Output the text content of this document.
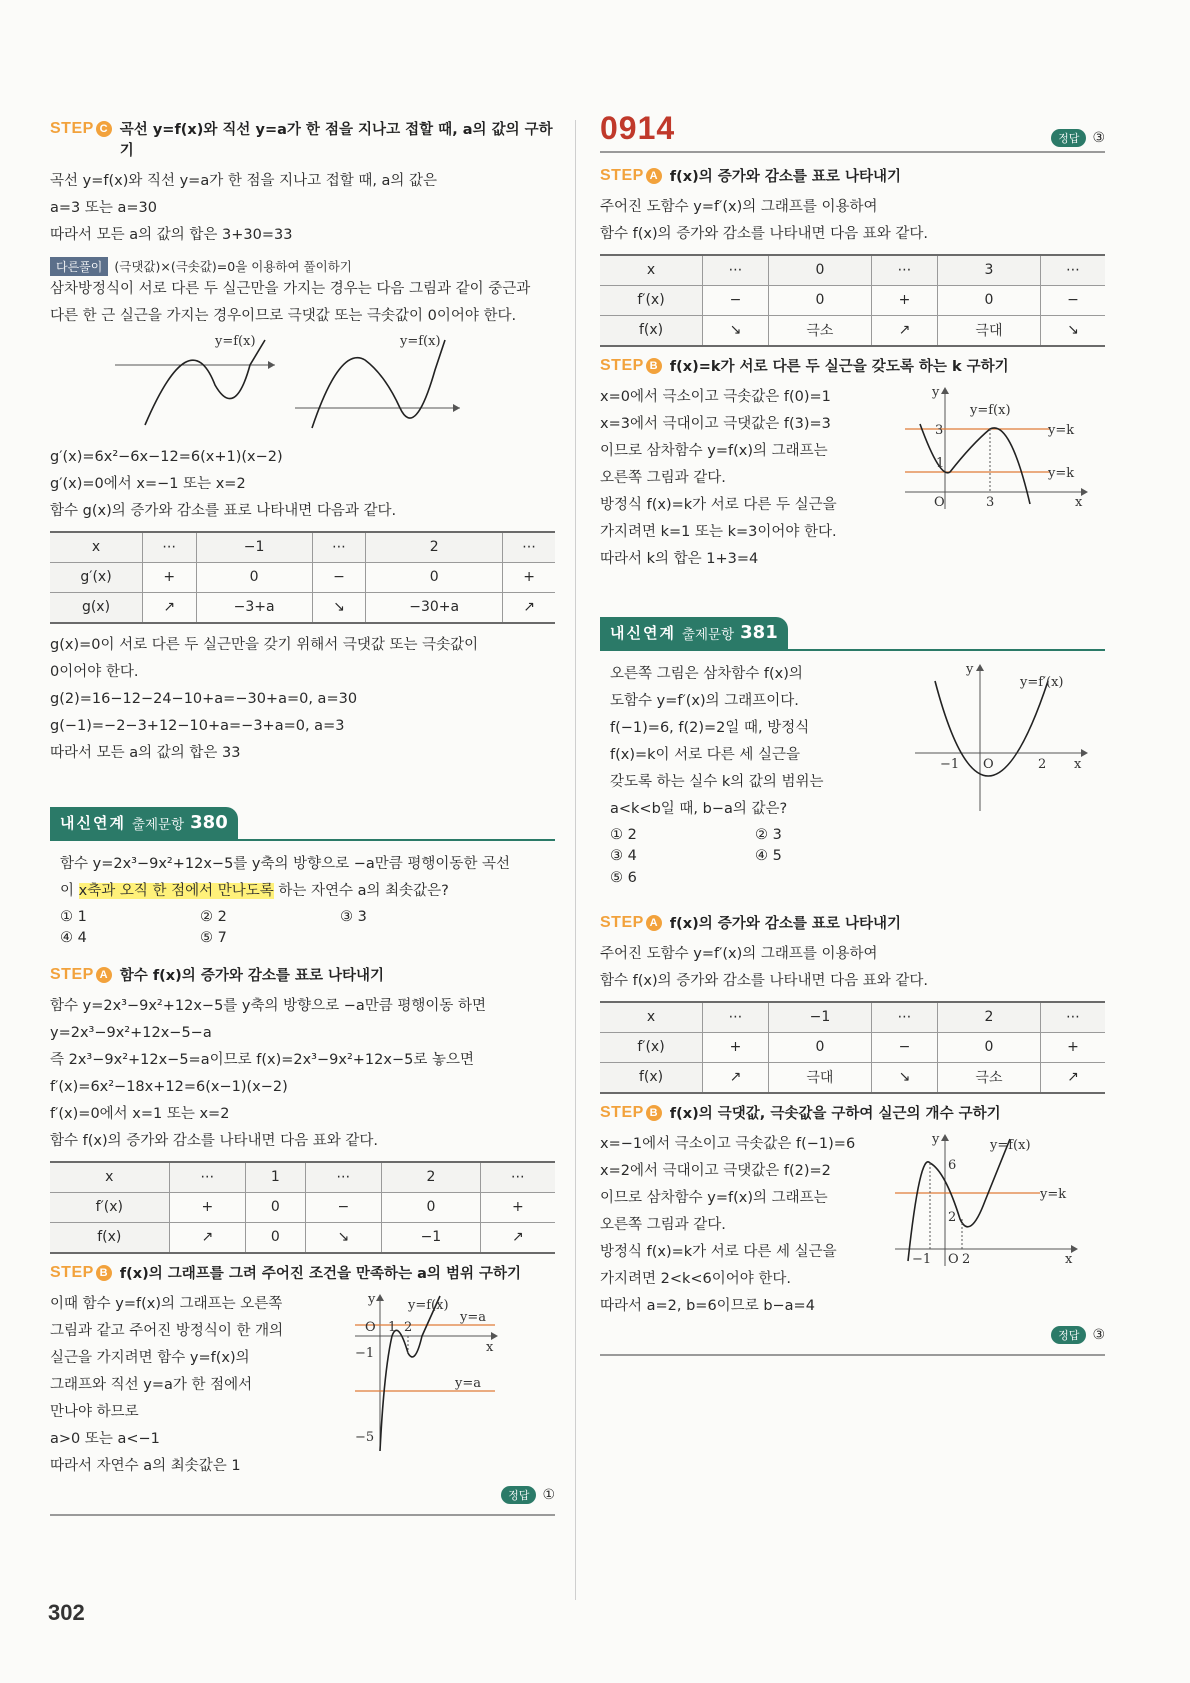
STEP C 곡선 y=f(x)와 직선 y=a가 한 점을 지나고 접할 때, a의 값의 구하기
곡선 y=f(x)와 직선 y=a가 한 점을 지나고 접할 때, a의 값은
a=3 또는 a=30
따라서 모든 a의 값의 합은 3+30=33
다른풀이 (극댓값)×(극솟값)=0을 이용하여 풀이하기
삼차방정식이 서로 다른 두 실근만을 가지는 경우는 다음 그림과 같이 중근과
다른 한 근 실근을 가지는 경우이므로 극댓값 또는 극솟값이 0이어야 한다.
y=f(x)	y=f(x)
g′(x)=6x²−6x−12=6(x+1)(x−2)
g′(x)=0에서 x=−1 또는 x=2
함수 g(x)의 증가와 감소를 표로 나타내면 다음과 같다.
x	⋯	−1	⋯	2	⋯
g′(x)	+	0	−	0	+
g(x)	↗	−3+a	↘	−30+a	↗
g(x)=0이 서로 다른 두 실근만을 갖기 위해서 극댓값 또는 극솟값이
0이어야 한다.
g(2)=16−12−24−10+a=−30+a=0, a=30
g(−1)=−2−3+12−10+a=−3+a=0, a=3
따라서 모든 a의 값의 합은 33
내신연계 출제문항 380
함수 y=2x³−9x²+12x−5를 y축의 방향으로 −a만큼 평행이동한 곡선
이 x축과 오직 한 점에서 만나도록 하는 자연수 a의 최솟값은?
① 1	② 2	③ 3
④ 4	⑤ 7
STEP A 함수 f(x)의 증가와 감소를 표로 나타내기
함수 y=2x³−9x²+12x−5를 y축의 방향으로 −a만큼 평행이동 하면
y=2x³−9x²+12x−5−a
즉 2x³−9x²+12x−5=a이므로 f(x)=2x³−9x²+12x−5로 놓으면
f′(x)=6x²−18x+12=6(x−1)(x−2)
f′(x)=0에서 x=1 또는 x=2
함수 f(x)의 증가와 감소를 나타내면 다음 표와 같다.
x	⋯	1	⋯	2	⋯
f′(x)	+	0	−	0	+
f(x)	↗	0	↘	−1	↗
STEP B f(x)의 그래프를 그려 주어진 조건을 만족하는 a의 범위 구하기
이때 함수 y=f(x)의 그래프는 오른쪽
그림과 같고 주어진 방정식이 한 개의
실근을 가지려면 함수 y=f(x)의
그래프와 직선 y=a가 한 점에서
만나야 하므로
a>0 또는 a<−1
따라서 자연수 a의 최솟값은 1
y=f(x)
y=a
y=a
O 1 2
−1
−5
x
y
정답 ①
0914	정답 ③
STEP A f(x)의 증가와 감소를 표로 나타내기
주어진 도함수 y=f′(x)의 그래프를 이용하여
함수 f(x)의 증가와 감소를 나타내면 다음 표와 같다.
x	⋯	0	⋯	3	⋯
f′(x)	−	0	+	0	−
f(x)	↘	극소	↗	극대	↘
STEP B f(x)=k가 서로 다른 두 실근을 갖도록 하는 k 구하기
x=0에서 극소이고 극솟값은 f(0)=1
x=3에서 극대이고 극댓값은 f(3)=3
이므로 삼차함수 y=f(x)의 그래프는
오른쪽 그림과 같다.
방정식 f(x)=k가 서로 다른 두 실근을
가지려면 k=1 또는 k=3이어야 한다.
따라서 k의 합은 1+3=4
y=f(x)
y=k
y=k
3
1
O	3	x
y
내신연계 출제문항 381
오른쪽 그림은 삼차함수 f(x)의
도함수 y=f′(x)의 그래프이다.
f(−1)=6, f(2)=2일 때, 방정식
f(x)=k이 서로 다른 세 실근을
갖도록 하는 실수 k의 값의 범위는
a<k<b일 때, b−a의 값은?
① 2	② 3
③ 4	④ 5
⑤ 6
y=f′(x)
−1 O	2 x
y
STEP A f(x)의 증가와 감소를 표로 나타내기
주어진 도함수 y=f′(x)의 그래프를 이용하여
함수 f(x)의 증가와 감소를 나타내면 다음 표와 같다.
x	⋯	−1	⋯	2	⋯
f′(x)	+	0	−	0	+
f(x)	↗	극대	↘	극소	↗
STEP B f(x)의 극댓값, 극솟값을 구하여 실근의 개수 구하기
x=−1에서 극소이고 극솟값은 f(−1)=6
x=2에서 극대이고 극댓값은 f(2)=2
이므로 삼차함수 y=f(x)의 그래프는
오른쪽 그림과 같다.
방정식 f(x)=k가 서로 다른 세 실근을
가지려면 2<k<6이어야 한다.
따라서 a=2, b=6이므로 b−a=4
y=f(x)
y=k
6
2
−1 O 2	x
y
정답 ③
302
